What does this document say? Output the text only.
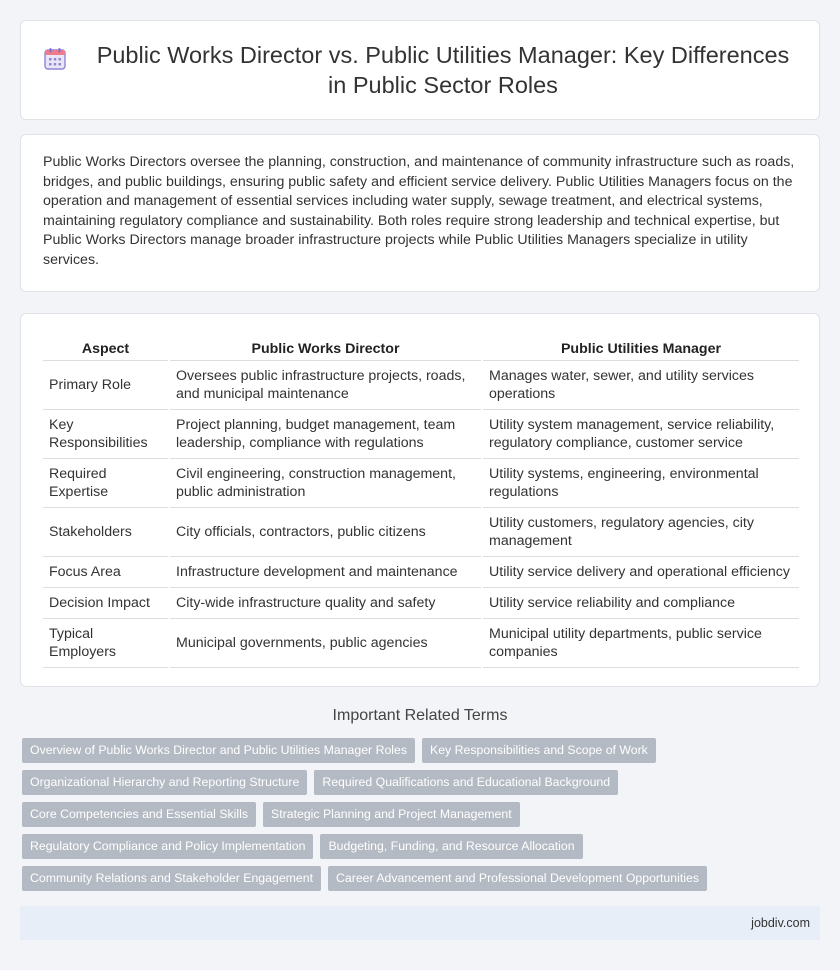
Public Works Director vs. Public Utilities Manager: Key Differences in Public Sector Roles

Public Works Directors oversee the planning, construction, and maintenance of community infrastructure such as roads, bridges, and public buildings, ensuring public safety and efficient service delivery. Public Utilities Managers focus on the operation and management of essential services including water supply, sewage treatment, and electrical systems, maintaining regulatory compliance and sustainability. Both roles require strong leadership and technical expertise, but Public Works Directors manage broader infrastructure projects while Public Utilities Managers specialize in utility services.

Aspect	Public Works Director	Public Utilities Manager
Primary Role	Oversees public infrastructure projects, roads, and municipal maintenance	Manages water, sewer, and utility services operations
Key Responsibilities	Project planning, budget management, team leadership, compliance with regulations	Utility system management, service reliability, regulatory compliance, customer service
Required Expertise	Civil engineering, construction management, public administration	Utility systems, engineering, environmental regulations
Stakeholders	City officials, contractors, public citizens	Utility customers, regulatory agencies, city management
Focus Area	Infrastructure development and maintenance	Utility service delivery and operational efficiency
Decision Impact	City-wide infrastructure quality and safety	Utility service reliability and compliance
Typical Employers	Municipal governments, public agencies	Municipal utility departments, public service companies
Important Related Terms
Overview of Public Works Director and Public Utilities Manager Roles	Key Responsibilities and Scope of Work
Organizational Hierarchy and Reporting Structure	Required Qualifications and Educational Background
Core Competencies and Essential Skills	Strategic Planning and Project Management
Regulatory Compliance and Policy Implementation	Budgeting, Funding, and Resource Allocation
Community Relations and Stakeholder Engagement	Career Advancement and Professional Development Opportunities
jobdiv.com
